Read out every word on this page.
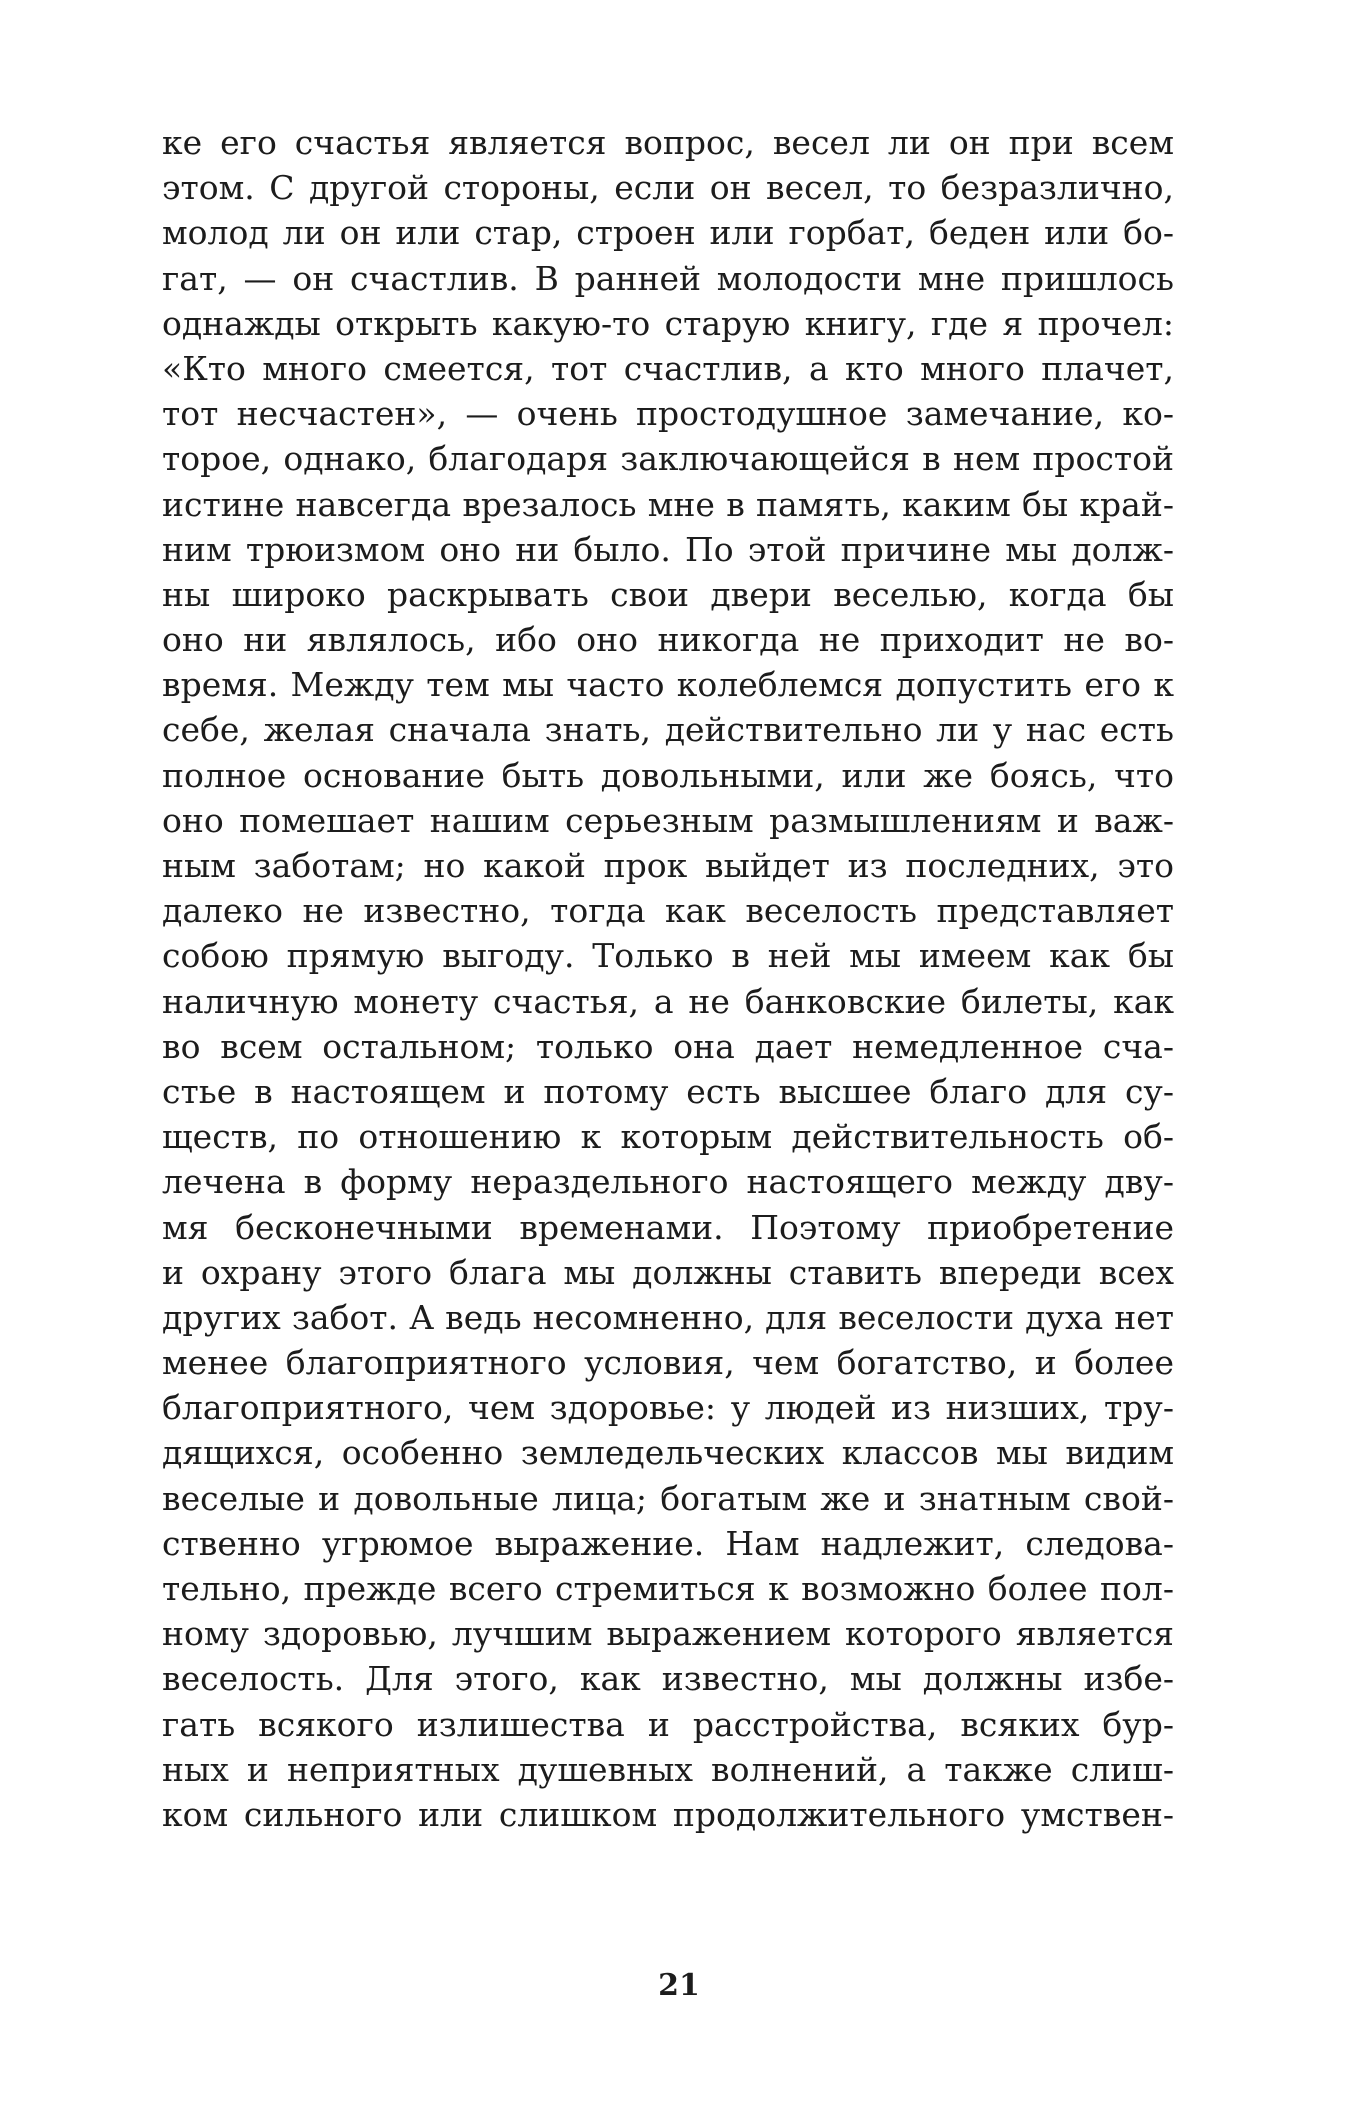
ке его счастья является вопрос, весел ли он при всем
этом. С другой стороны, если он весел, то безразлично,
молод ли он или стар, строен или горбат, беден или бо-
гат, — он счастлив. В ранней молодости мне пришлось
однажды открыть какую-то старую книгу, где я прочел:
«Кто много смеется, тот счастлив, а кто много плачет,
тот несчастен», — очень простодушное замечание, ко-
торое, однако, благодаря заключающейся в нем простой
истине навсегда врезалось мне в память, каким бы край-
ним трюизмом оно ни было. По этой причине мы долж-
ны широко раскрывать свои двери веселью, когда бы
оно ни являлось, ибо оно никогда не приходит не во-
время. Между тем мы часто колеблемся допустить его к
себе, желая сначала знать, действительно ли у нас есть
полное основание быть довольными, или же боясь, что
оно помешает нашим серьезным размышлениям и важ-
ным заботам; но какой прок выйдет из последних, это
далеко не известно, тогда как веселость представляет
собою прямую выгоду. Только в ней мы имеем как бы
наличную монету счастья, а не банковские билеты, как
во всем остальном; только она дает немедленное сча-
стье в настоящем и потому есть высшее благо для су-
ществ, по отношению к которым действительность об-
лечена в форму нераздельного настоящего между дву-
мя бесконечными временами. Поэтому приобретение
и охрану этого блага мы должны ставить впереди всех
других забот. А ведь несомненно, для веселости духа нет
менее благоприятного условия, чем богатство, и более
благоприятного, чем здоровье: у людей из низших, тру-
дящихся, особенно земледельческих классов мы видим
веселые и довольные лица; богатым же и знатным свой-
ственно угрюмое выражение. Нам надлежит, следова-
тельно, прежде всего стремиться к возможно более пол-
ному здоровью, лучшим выражением которого является
веселость. Для этого, как известно, мы должны избе-
гать всякого излишества и расстройства, всяких бур-
ных и неприятных душевных волнений, а также слиш-
ком сильного или слишком продолжительного умствен-
21
